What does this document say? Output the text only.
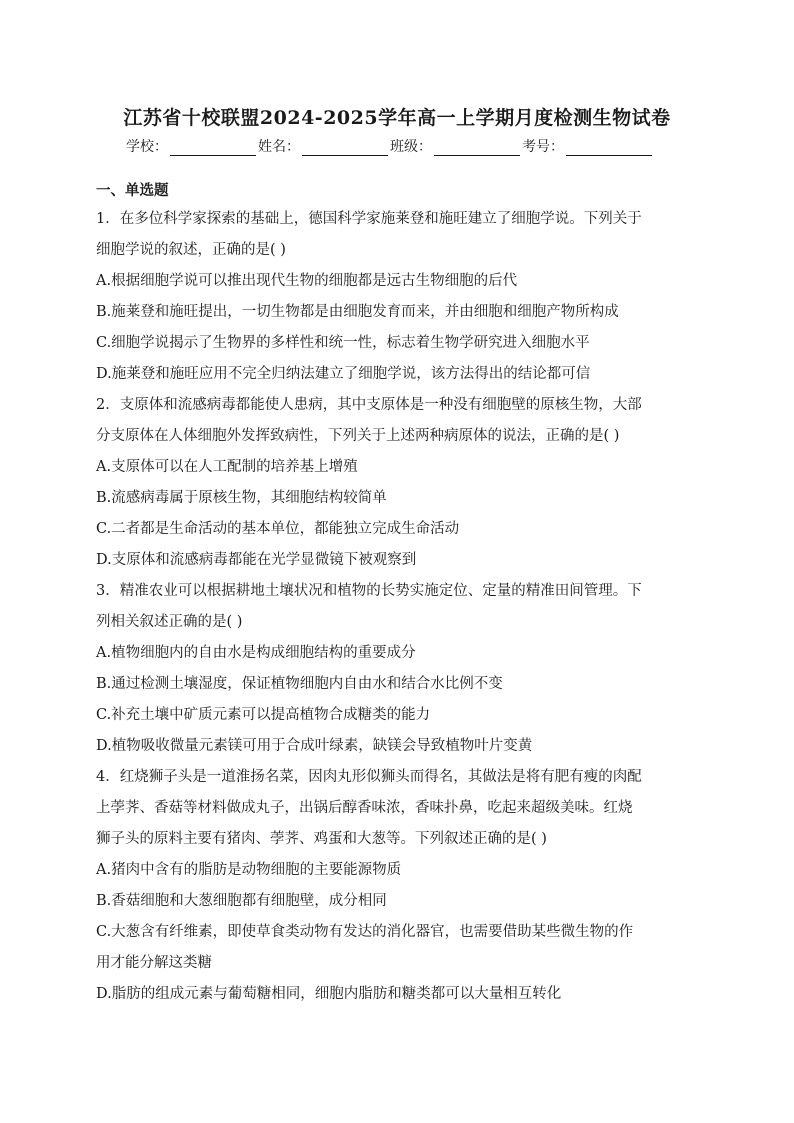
江苏省十校联盟2024-2025学年高一上学期月度检测生物试卷
学校：	姓名：	班级：	考号：
一、单选题
1．在多位科学家探索的基础上，德国科学家施莱登和施旺建立了细胞学说。下列关于
细胞学说的叙述，正确的是( )
A.根据细胞学说可以推出现代生物的细胞都是远古生物细胞的后代
B.施莱登和施旺提出，一切生物都是由细胞发育而来，并由细胞和细胞产物所构成
C.细胞学说揭示了生物界的多样性和统一性，标志着生物学研究进入细胞水平
D.施莱登和施旺应用不完全归纳法建立了细胞学说，该方法得出的结论都可信
2．支原体和流感病毒都能使人患病，其中支原体是一种没有细胞壁的原核生物，大部
分支原体在人体细胞外发挥致病性，下列关于上述两种病原体的说法，正确的是( )
A.支原体可以在人工配制的培养基上增殖
B.流感病毒属于原核生物，其细胞结构较简单
C.二者都是生命活动的基本单位，都能独立完成生命活动
D.支原体和流感病毒都能在光学显微镜下被观察到
3．精准农业可以根据耕地土壤状况和植物的长势实施定位、定量的精准田间管理。下
列相关叙述正确的是( )
A.植物细胞内的自由水是构成细胞结构的重要成分
B.通过检测土壤湿度，保证植物细胞内自由水和结合水比例不变
C.补充土壤中矿质元素可以提高植物合成糖类的能力
D.植物吸收微量元素镁可用于合成叶绿素，缺镁会导致植物叶片变黄
4．红烧狮子头是一道淮扬名菜，因肉丸形似狮头而得名，其做法是将有肥有瘦的肉配
上荸荠、香菇等材料做成丸子，出锅后醇香味浓，香味扑鼻，吃起来超级美味。红烧
狮子头的原料主要有猪肉、荸荠、鸡蛋和大葱等。下列叙述正确的是( )
A.猪肉中含有的脂肪是动物细胞的主要能源物质
B.香菇细胞和大葱细胞都有细胞壁，成分相同
C.大葱含有纤维素，即使草食类动物有发达的消化器官，也需要借助某些微生物的作
用才能分解这类糖
D.脂肪的组成元素与葡萄糖相同，细胞内脂肪和糖类都可以大量相互转化
